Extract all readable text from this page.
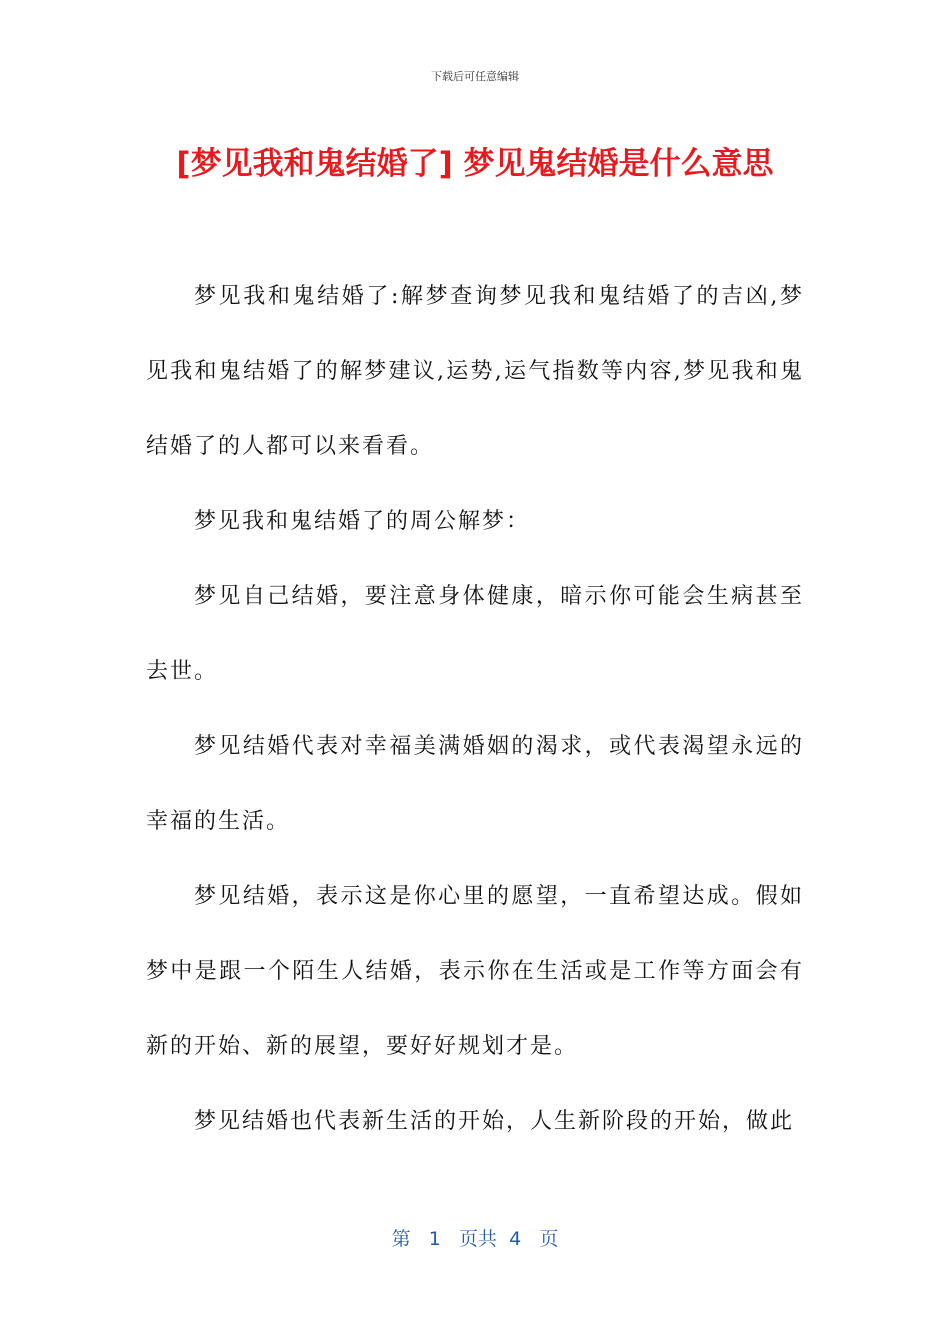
下载后可任意编辑
[梦见我和鬼结婚了] 梦见鬼结婚是什么意思

梦见我和鬼结婚了:解梦查询梦见我和鬼结婚了的吉凶,梦见我和鬼结婚了的解梦建议,运势,运气指数等内容,梦见我和鬼结婚了的人都可以来看看。

梦见我和鬼结婚了的周公解梦：

梦见自己结婚，要注意身体健康，暗示你可能会生病甚至去世。

梦见结婚代表对幸福美满婚姻的渴求，或代表渴望永远的幸福的生活。

梦见结婚，表示这是你心里的愿望，一直希望达成。假如梦中是跟一个陌生人结婚，表示你在生活或是工作等方面会有新的开始、新的展望，要好好规划才是。

梦见结婚也代表新生活的开始，人生新阶段的开始，做此

第 1 页共 4 页
